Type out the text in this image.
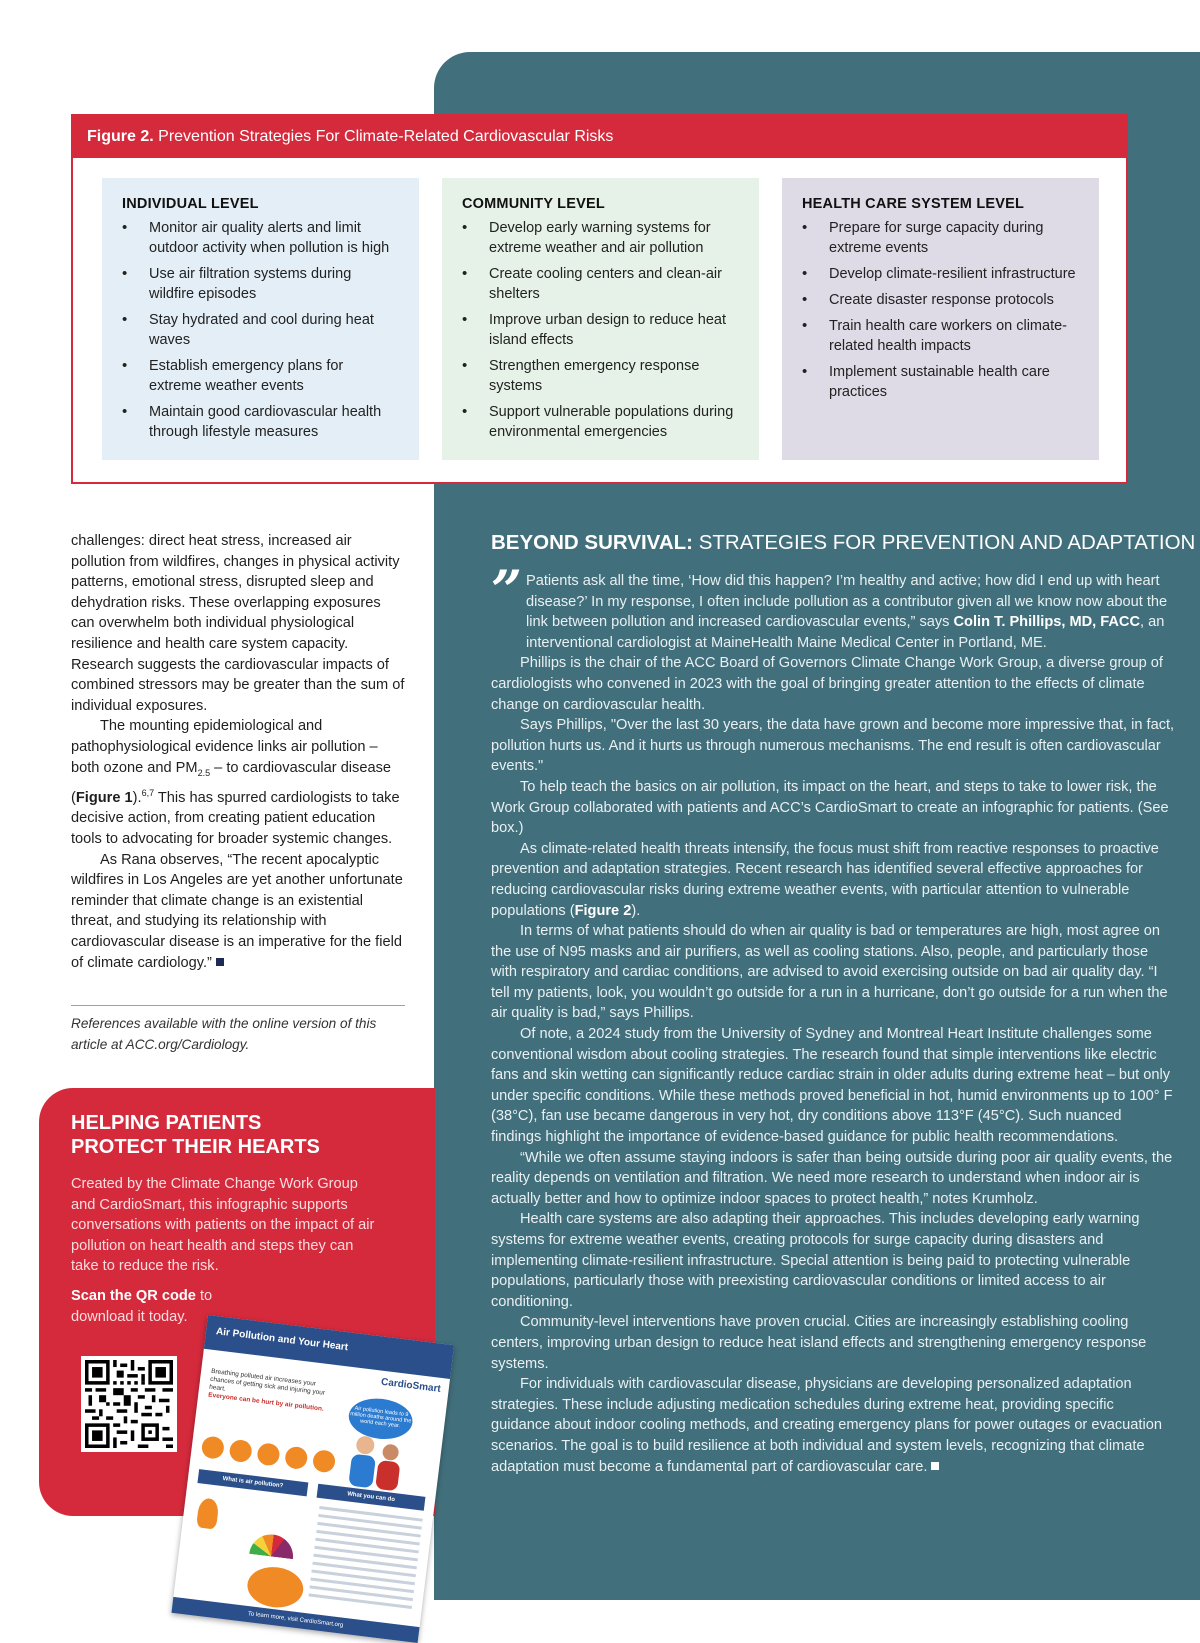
Figure 2. Prevention Strategies For Climate-Related Cardiovascular Risks
INDIVIDUAL LEVEL
• Monitor air quality alerts and limit outdoor activity when pollution is high
• Use air filtration systems during wildfire episodes
• Stay hydrated and cool during heat waves
• Establish emergency plans for extreme weather events
• Maintain good cardiovascular health through lifestyle measures
COMMUNITY LEVEL
• Develop early warning systems for extreme weather and air pollution
• Create cooling centers and clean-air shelters
• Improve urban design to reduce heat island effects
• Strengthen emergency response systems
• Support vulnerable populations during environmental emergencies
HEALTH CARE SYSTEM LEVEL
• Prepare for surge capacity during extreme events
• Develop climate-resilient infrastructure
• Create disaster response protocols
• Train health care workers on climate-related health impacts
• Implement sustainable health care practices

challenges: direct heat stress, increased air pollution from wildfires, changes in physical activity patterns, emotional stress, disrupted sleep and dehydration risks. These overlapping exposures can overwhelm both individual physiological resilience and health care system capacity. Research suggests the cardiovascular impacts of combined stressors may be greater than the sum of individual exposures.

The mounting epidemiological and pathophysiological evidence links air pollution – both ozone and $PM_{2.5}$ – to cardiovascular disease (Figure 1).$^{6,7}$ This has spurred cardiologists to take decisive action, from creating patient education tools to advocating for broader systemic changes.

As Rana observes, “The recent apocalyptic wildfires in Los Angeles are yet another unfortunate reminder that climate change is an existential threat, and studying its relationship with cardiovascular disease is an imperative for the field of climate cardiology.”

References available with the online version of this article at ACC.org/Cardiology.
HELPING PATIENTS
PROTECT THEIR HEARTS
Created by the Climate Change Work Group and CardioSmart, this infographic supports conversations with patients on the impact of air pollution on heart health and steps they can take to reduce the risk.
Scan the QR code to download it today.
Air Pollution and Your Heart
CardioSmart
Breathing polluted air increases your chances of getting sick and injuring your heart.
Everyone can be hurt by air pollution.	Air pollution leads to 9 million deaths around the world each year.
What is air pollution?
What you can do
To learn more, visit CardioSmart.org
BEYOND SURVIVAL: STRATEGIES FOR PREVENTION AND ADAPTATION
” Patients ask all the time, ‘How did this happen? I’m healthy and active; how did I end up with heart disease?’ In my response, I often include pollution as a contributor given all we know now about the link between pollution and increased cardiovascular events,” says Colin T. Phillips, MD, FACC, an interventional cardiologist at MaineHealth Maine Medical Center in Portland, ME.

Phillips is the chair of the ACC Board of Governors Climate Change Work Group, a diverse group of cardiologists who convened in 2023 with the goal of bringing greater attention to the effects of climate change on cardiovascular health.

Says Phillips, "Over the last 30 years, the data have grown and become more impressive that, in fact, pollution hurts us. And it hurts us through numerous mechanisms. The end result is often cardiovascular events."

To help teach the basics on air pollution, its impact on the heart, and steps to take to lower risk, the Work Group collaborated with patients and ACC’s CardioSmart to create an infographic for patients. (See box.)

As climate-related health threats intensify, the focus must shift from reactive responses to proactive prevention and adaptation strategies. Recent research has identified several effective approaches for reducing cardiovascular risks during extreme weather events, with particular attention to vulnerable populations (Figure 2).

In terms of what patients should do when air quality is bad or temperatures are high, most agree on the use of N95 masks and air purifiers, as well as cooling stations. Also, people, and particularly those with respiratory and cardiac conditions, are advised to avoid exercising outside on bad air quality day. “I tell my patients, look, you wouldn’t go outside for a run in a hurricane, don’t go outside for a run when the air quality is bad,” says Phillips.

Of note, a 2024 study from the University of Sydney and Montreal Heart Institute challenges some conventional wisdom about cooling strategies. The research found that simple interventions like electric fans and skin wetting can significantly reduce cardiac strain in older adults during extreme heat – but only under specific conditions. While these methods proved beneficial in hot, humid environments up to 100° F (38°C), fan use became dangerous in very hot, dry conditions above 113°F (45°C). Such nuanced findings highlight the importance of evidence-based guidance for public health recommendations.

“While we often assume staying indoors is safer than being outside during poor air quality events, the reality depends on ventilation and filtration. We need more research to understand when indoor air is actually better and how to optimize indoor spaces to protect health,” notes Krumholz.

Health care systems are also adapting their approaches. This includes developing early warning systems for extreme weather events, creating protocols for surge capacity during disasters and implementing climate-resilient infrastructure. Special attention is being paid to protecting vulnerable populations, particularly those with preexisting cardiovascular conditions or limited access to air conditioning.

Community-level interventions have proven crucial. Cities are increasingly establishing cooling centers, improving urban design to reduce heat island effects and strengthening emergency response systems.

For individuals with cardiovascular disease, physicians are developing personalized adaptation strategies. These include adjusting medication schedules during extreme heat, providing specific guidance about indoor cooling methods, and creating emergency plans for power outages or evacuation scenarios. The goal is to build resilience at both individual and system levels, recognizing that climate adaptation must become a fundamental part of cardiovascular care.
